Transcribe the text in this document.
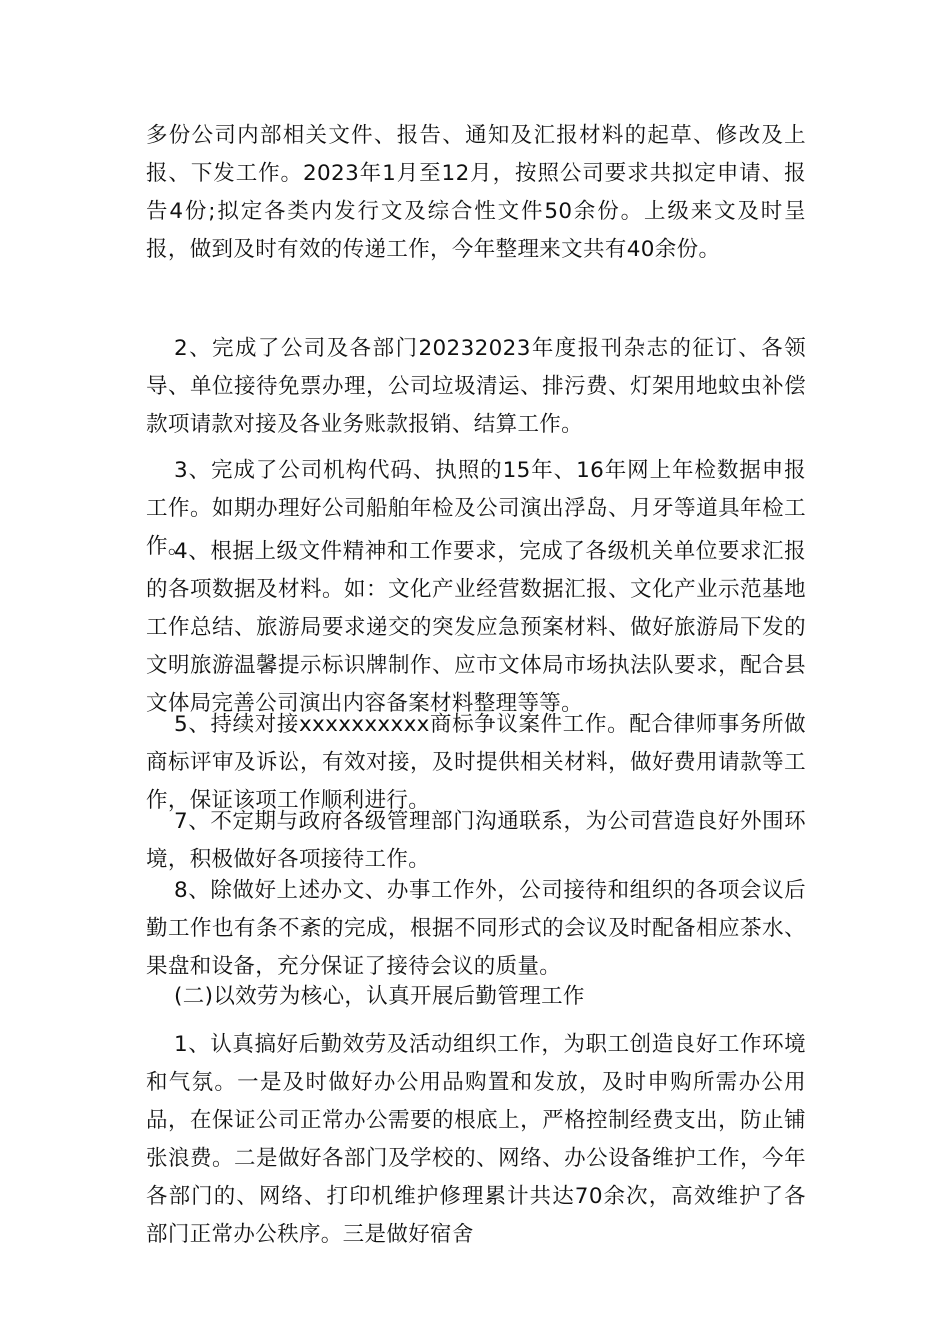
多份公司内部相关文件、报告、通知及汇报材料的起草、修改及上报、下发工作。2023年1月至12月，按照公司要求共拟定申请、报告4份;拟定各类内发行文及综合性文件50余份。上级来文及时呈报，做到及时有效的传递工作，今年整理来文共有40余份。

2、完成了公司及各部门20232023年度报刊杂志的征订、各领导、单位接待免票办理，公司垃圾清运、排污费、灯架用地蚊虫补偿款项请款对接及各业务账款报销、结算工作。

3、完成了公司机构代码、执照的15年、16年网上年检数据申报工作。如期办理好公司船舶年检及公司演出浮岛、月牙等道具年检工作。

4、根据上级文件精神和工作要求，完成了各级机关单位要求汇报的各项数据及材料。如：文化产业经营数据汇报、文化产业示范基地工作总结、旅游局要求递交的突发应急预案材料、做好旅游局下发的文明旅游温馨提示标识牌制作、应市文体局市场执法队要求，配合县文体局完善公司演出内容备案材料整理等等。

5、持续对接xxxxxxxxxx商标争议案件工作。配合律师事务所做商标评审及诉讼，有效对接，及时提供相关材料，做好费用请款等工作，保证该项工作顺利进行。

7、不定期与政府各级管理部门沟通联系，为公司营造良好外围环境，积极做好各项接待工作。

8、除做好上述办文、办事工作外，公司接待和组织的各项会议后勤工作也有条不紊的完成，根据不同形式的会议及时配备相应茶水、果盘和设备，充分保证了接待会议的质量。

(二)以效劳为核心，认真开展后勤管理工作

1、认真搞好后勤效劳及活动组织工作，为职工创造良好工作环境和气氛。一是及时做好办公用品购置和发放，及时申购所需办公用品，在保证公司正常办公需要的根底上，严格控制经费支出，防止铺张浪费。二是做好各部门及学校的、网络、办公设备维护工作，今年各部门的、网络、打印机维护修理累计共达70余次，高效维护了各部门正常办公秩序。三是做好宿舍
